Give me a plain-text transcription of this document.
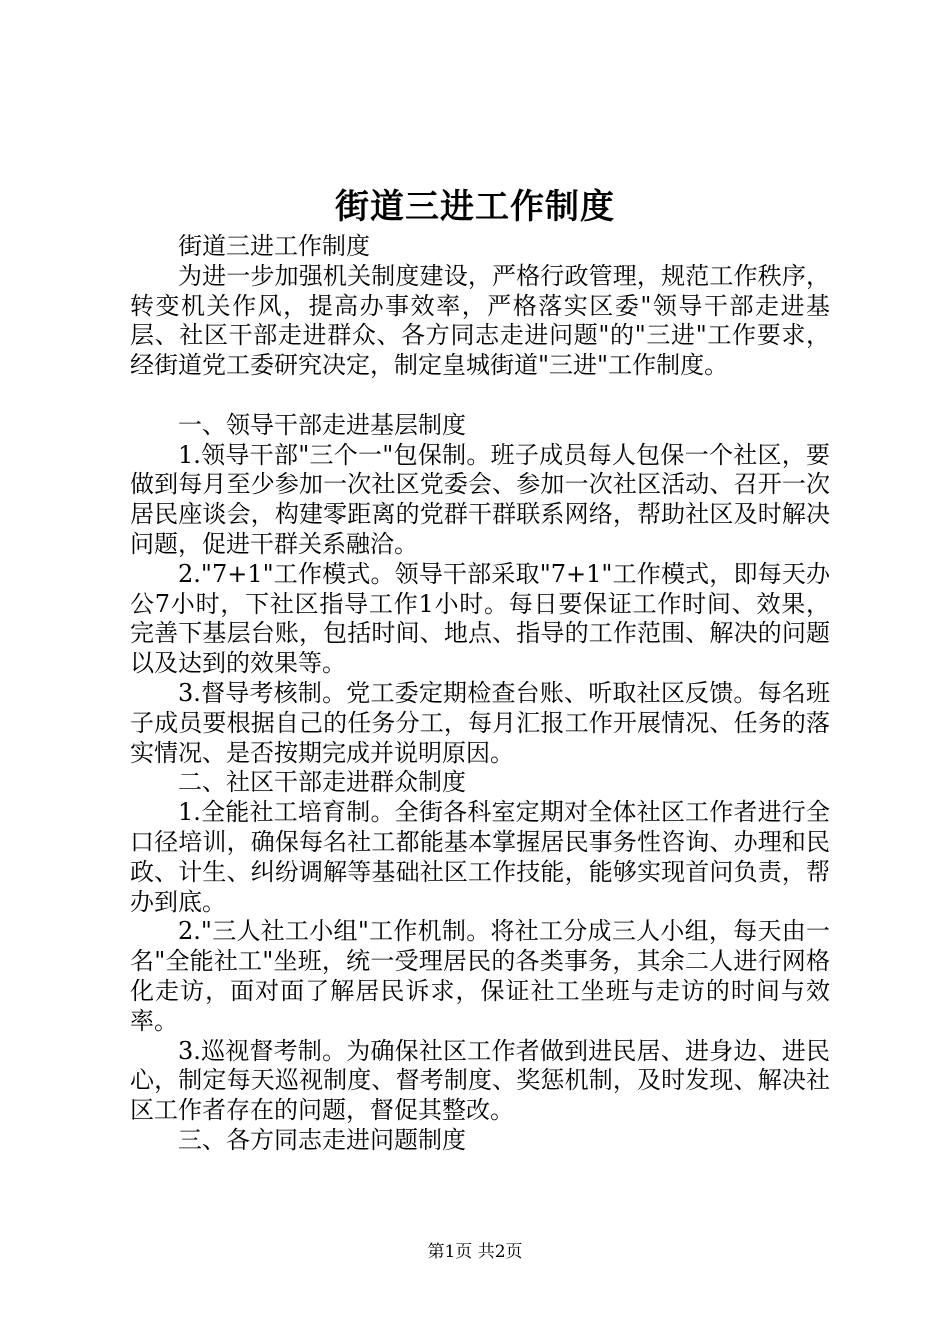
街道三进工作制度

街道三进工作制度

为进一步加强机关制度建设，严格行政管理，规范工作秩序，转变机关作风，提高办事效率，严格落实区委"领导干部走进基层、社区干部走进群众、各方同志走进问题"的"三进"工作要求，经街道党工委研究决定，制定皇城街道"三进"工作制度。

一、领导干部走进基层制度

1.领导干部"三个一"包保制。班子成员每人包保一个社区，要做到每月至少参加一次社区党委会、参加一次社区活动、召开一次居民座谈会，构建零距离的党群干群联系网络，帮助社区及时解决问题，促进干群关系融洽。

2."7+1"工作模式。领导干部采取"7+1"工作模式，即每天办公7小时，下社区指导工作1小时。每日要保证工作时间、效果，完善下基层台账，包括时间、地点、指导的工作范围、解决的问题以及达到的效果等。

3.督导考核制。党工委定期检查台账、听取社区反馈。每名班子成员要根据自己的任务分工，每月汇报工作开展情况、任务的落实情况、是否按期完成并说明原因。

二、社区干部走进群众制度

1.全能社工培育制。全街各科室定期对全体社区工作者进行全口径培训，确保每名社工都能基本掌握居民事务性咨询、办理和民政、计生、纠纷调解等基础社区工作技能，能够实现首问负责，帮办到底。

2."三人社工小组"工作机制。将社工分成三人小组，每天由一名"全能社工"坐班，统一受理居民的各类事务，其余二人进行网格化走访，面对面了解居民诉求，保证社工坐班与走访的时间与效率。

3.巡视督考制。为确保社区工作者做到进民居、进身边、进民心，制定每天巡视制度、督考制度、奖惩机制，及时发现、解决社区工作者存在的问题，督促其整改。

三、各方同志走进问题制度

第1页 共2页
